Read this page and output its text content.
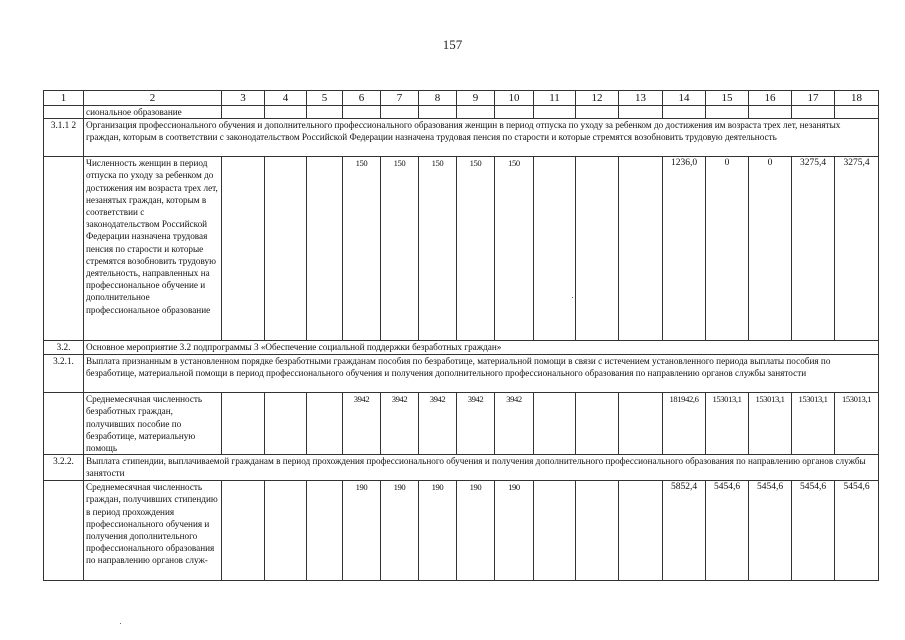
157
1	2	3	4	5	6	7	8	9	10	11	12	13	14	15	16	17	18
	сиональное образование																
3.1.1 2	Организация профессионального обучения и дополнительного профессионального образования женщин в период отпуска по уходу за ребенком до достижения им возраста трех лет, незанятых граждан, которым в соответствии с законодательством Российской Федерации назначена трудовая пенсия по старости и которые стремятся возобновить трудовую деятельность																
	Численность женщин в период отпуска по уходу за ребенком до достижения им возраста трех лет, незанятых граждан, которым в соответствии с законодательством Российской Федерации назначена трудовая пенсия по старости и которые стремятся возобновить трудовую деятельность, направленных на профессиональное обучение и дополнительное профессиональное образование				150	150	150	150	150				1236,0	0	0	3275,4	3275,4
3.2.	Основное мероприятие 3.2 подпрограммы 3 «Обеспечение социальной поддержки безработных граждан»																
3.2.1.	Выплата признанным в установленном порядке безработными гражданам пособия по безработице, материальной помощи в связи с истечением установленного периода выплаты пособия по безработице, материальной помощи в период профессионального обучения и получения дополнительного профессионального образования по направлению органов службы занятости																
	Среднемесячная численность безработных граждан, получивших пособие по безработице, материальную помощь				3942	3942	3942	3942	3942				181942,6	153013,1	153013,1	153013,1	153013,1
3.2.2.	Выплата стипендии, выплачиваемой гражданам в период прохождения профессионального обучения и получения дополнительного профессионального образования по направлению органов службы занятости																
	Среднемесячная численность граждан, получивших стипендию в период прохождения профессионального обучения и получения дополнительного профессионального образования по направлению органов служ-				190	190	190	190	190				5852,4	5454,6	5454,6	5454,6	5454,6
